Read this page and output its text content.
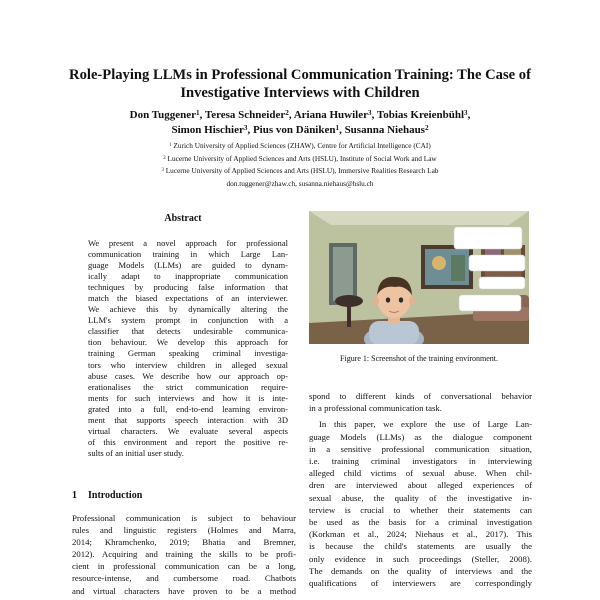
Role-Playing LLMs in Professional Communication Training: The Case of Investigative Interviews with Children
Don Tuggener$^1$, Teresa Schneider$^2$, Ariana Huwiler$^3$, Tobias Kreienbühl$^3$,
Simon Hischier$^3$, Pius von Däniken$^1$, Susanna Niehaus$^2$
$^1$ Zurich University of Applied Sciences (ZHAW), Centre for Artificial Intelligence (CAI)
$^2$ Lucerne University of Applied Sciences and Arts (HSLU), Institute of Social Work and Law
$^3$ Lucerne University of Applied Sciences and Arts (HSLU), Immersive Realities Research Lab
don.tuggener@zhaw.ch, susanna.niehaus@hslu.ch
Abstract
We present a novel approach for professional
communication training in which Large Lan-
guage Models (LLMs) are guided to dynam-
ically adapt to inappropriate communication
techniques by producing false information that
match the biased expectations of an interviewer.
We achieve this by dynamically altering the
LLM's system prompt in conjunction with a
classifier that detects undesirable communica-
tion behaviour. We develop this approach for
training German speaking criminal investiga-
tors who interview children in alleged sexual
abuse cases. We describe how our approach op-
erationalises the strict communication require-
ments for such interviews and how it is inte-
grated into a full, end-to-end learning environ-
ment that supports speech interaction with 3D
virtual characters. We evaluate several aspects
of this environment and report the positive re-
sults of an initial user study.
1 Introduction
Professional communication is subject to behaviour
rules and linguistic registers (Holmes and Marra,
2014; Khramchenko, 2019; Bhatia and Bremner,
2012). Acquiring and training the skills to be profi-
cient in professional communication can be a long,
resource-intense, and cumbersome road. Chatbots
and virtual characters have proven to be a method
Figure 1: Screenshot of the training environment.
spond to different kinds of conversational behavior
in a professional communication task.
In this paper, we explore the use of Large Lan-
guage Models (LLMs) as the dialogue component
in a sensitive professional communication situation,
i.e. training criminal investigators in interviewing
alleged child victims of sexual abuse. When chil-
dren are interviewed about alleged experiences of
sexual abuse, the quality of the investigative in-
terview is crucial to whether their statements can
be used as the basis for a criminal investigation
(Korkman et al., 2024; Niehaus et al., 2017). This
is because the child's statements are usually the
only evidence in such proceedings (Steller, 2008).
The demands on the quality of interviews and the
qualifications of interviewers are correspondingly
